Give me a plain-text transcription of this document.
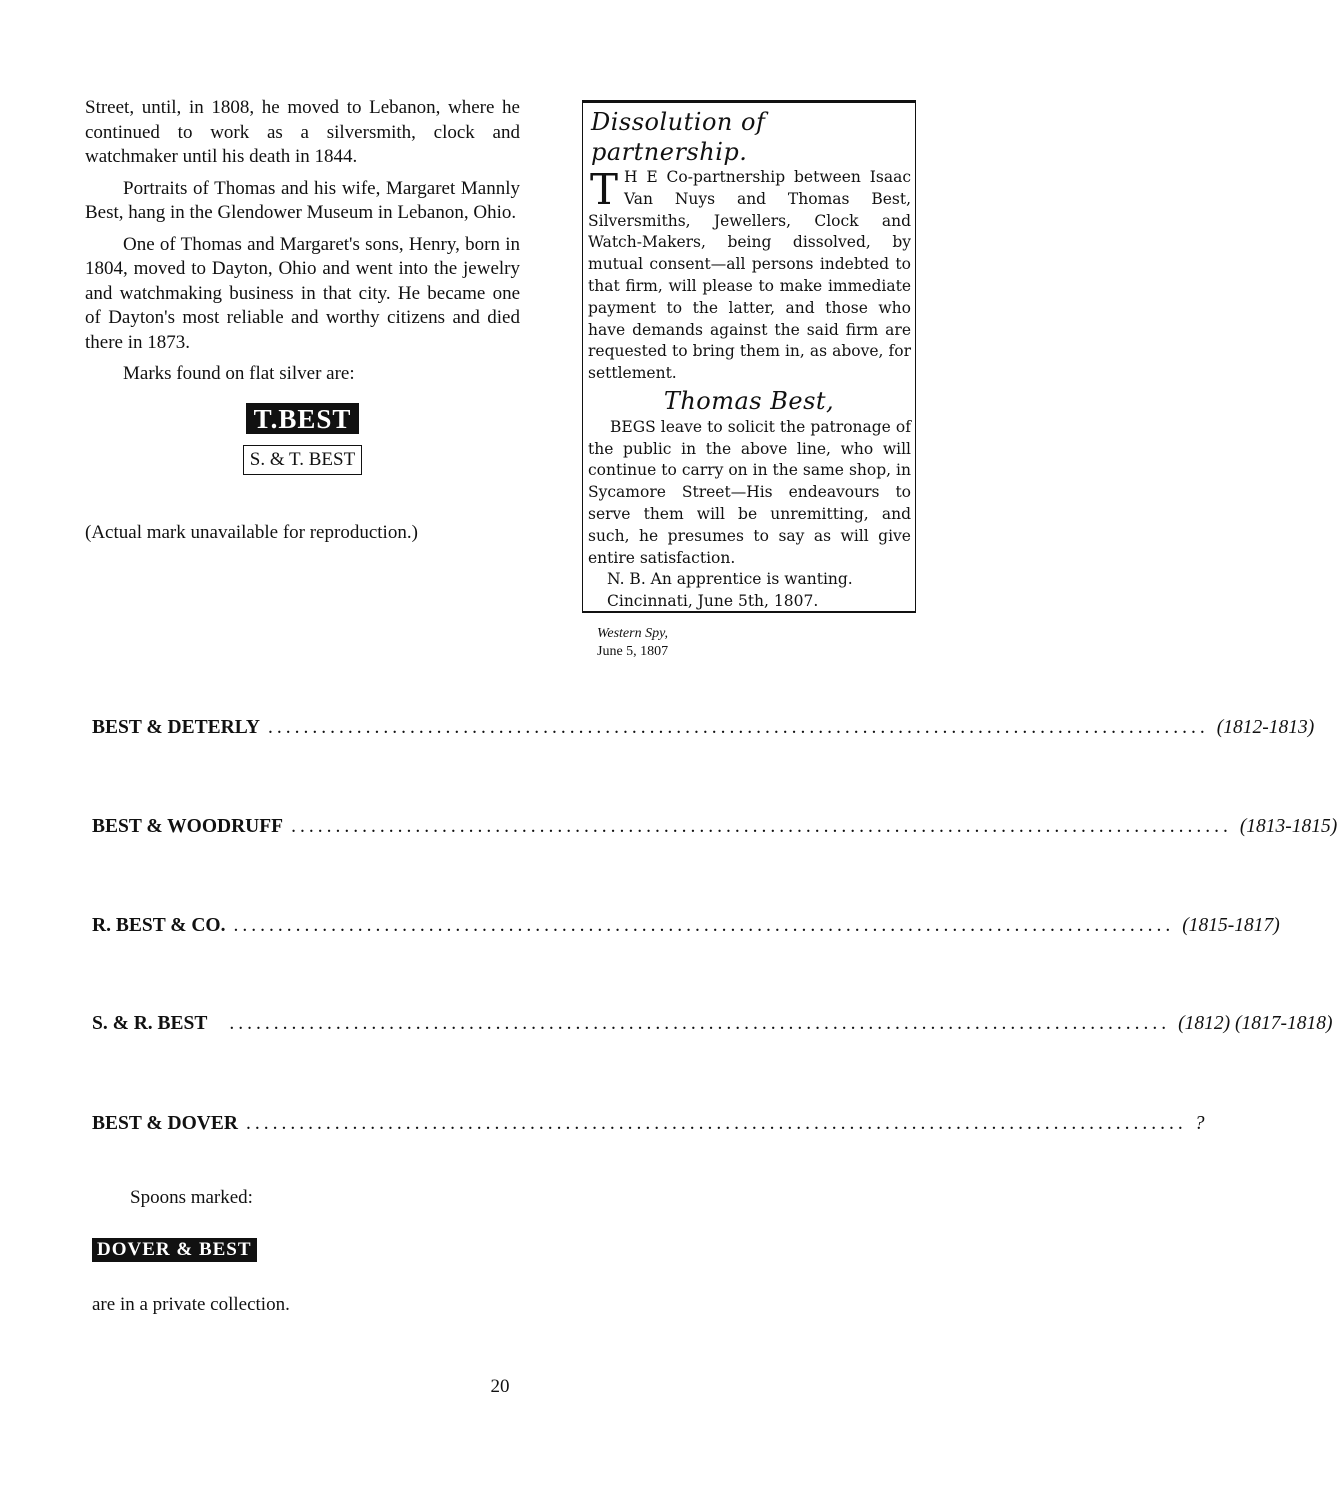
Street, until, in 1808, he moved to Lebanon, where he continued to work as a silversmith, clock and watchmaker until his death in 1844.

Portraits of Thomas and his wife, Margaret Mannly Best, hang in the Glendower Museum in Lebanon, Ohio.

One of Thomas and Margaret's sons, Henry, born in 1804, moved to Dayton, Ohio and went into the jewelry and watchmaking business in that city. He became one of Dayton's most reliable and worthy citizens and died there in 1873.

Marks found on flat silver are:

T.BEST
S. & T. BEST

(Actual mark unavailable for reproduction.)

Dissolution of partnership.
T H E Co-partnership between Isaac Van Nuys and Thomas Best, Silversmiths, Jewellers, Clock and Watch-Makers, being dissolved, by mutual consent—all persons indebted to that firm, will please to make immediate payment to the latter, and those who have demands against the said firm are requested to bring them in, as above, for settlement.
Thomas Best,
BEGS leave to solicit the patronage of the public in the above line, who will continue to carry on in the same shop, in Sycamore Street—His endeavours to serve them will be unremitting, and such, he presumes to say as will give entire satisfaction.
N. B. An apprentice is wanting.
Cincinnati, June 5th, 1807.
Western Spy,
June 5, 1807
BEST & DETERLY .......................................................................................................... (1812-1813)
BEST & WOODRUFF .......................................................................................................... (1813-1815)
R. BEST & CO. .......................................................................................................... (1815-1817)
S. & R. BEST .......................................................................................................... (1812) (1817-1818)
BEST & DOVER .......................................................................................................... ?
Spoons marked:
DOVER & BEST
are in a private collection.
20
